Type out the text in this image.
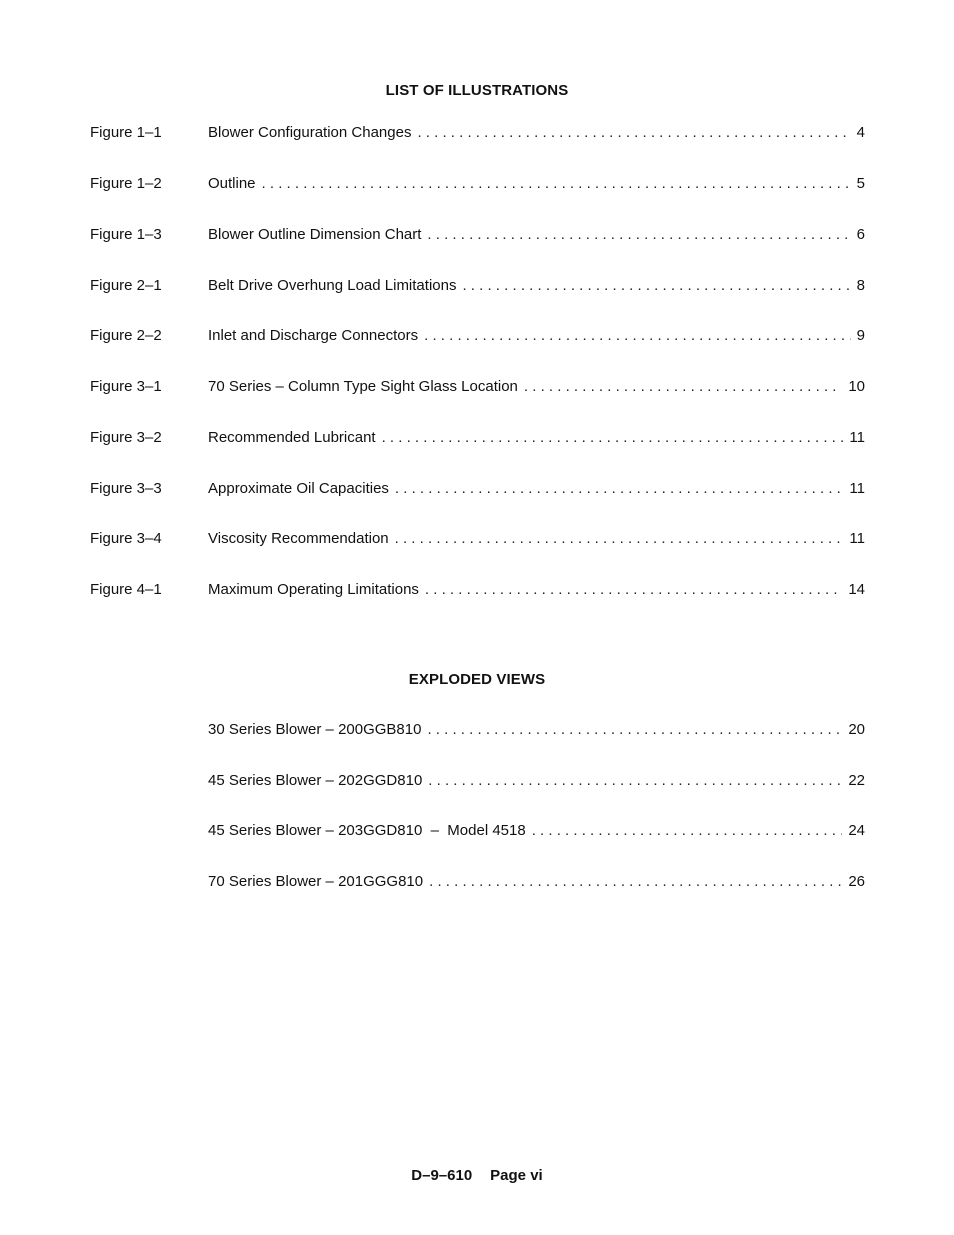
LIST OF ILLUSTRATIONS
Figure 1–1	Blower Configuration Changes . . .	4
Figure 1–2	Outline . . .	5
Figure 1–3	Blower Outline Dimension Chart . . .	6
Figure 2–1	Belt Drive Overhung Load Limitations . . .	8
Figure 2–2	Inlet and Discharge Connectors . . .	9
Figure 3–1	70 Series – Column Type Sight Glass Location . . .	10
Figure 3–2	Recommended Lubricant . . .	11
Figure 3–3	Approximate Oil Capacities . . .	11
Figure 3–4	Viscosity Recommendation . . .	11
Figure 4–1	Maximum Operating Limitations . . .	14
EXPLODED VIEWS
30 Series Blower – 200GGB810 . . .	20
45 Series Blower – 202GGD810 . . .	22
45 Series Blower – 203GGD810  –  Model 4518 . . .	24
70 Series Blower – 201GGG810 . . .	26
D–9–610 Page vi
